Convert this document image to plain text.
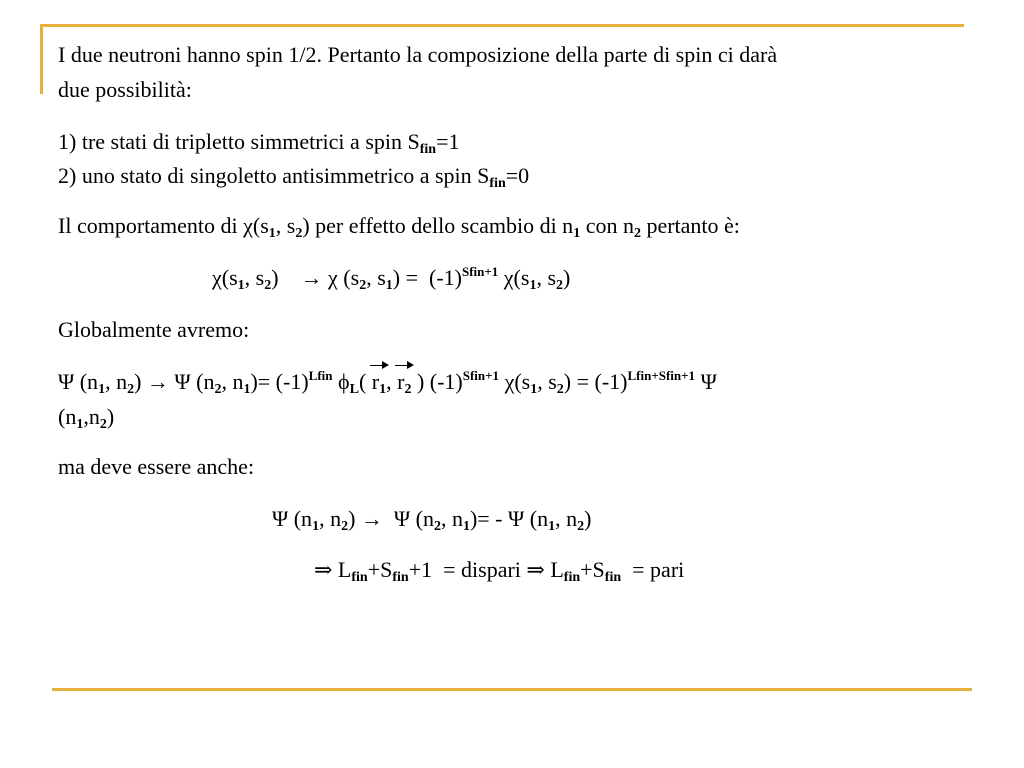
I due neutroni hanno spin 1/2. Pertanto la composizione della parte di spin ci darà
due possibilità:
1) tre stati di tripletto simmetrici a spin $S_{fin}=1$
2) uno stato di singoletto antisimmetrico a spin $S_{fin}=0$
Il comportamento di $\chi(s_1$, $s_2$) per effetto dello scambio di $n_1$ con $n_2$ pertanto è:
$\chi(s_1$, $s_2$)    → χ ($s_2$, $s_1) = (-1)^{Sfin+1}$ $\chi(s_1$, $s_2$)
Globalmente avremo:
Ψ ($n_1$, $n_2) \to \Psi$ ($n_2$, $n_1)= (-1)^{Lfin}$ $\phi_L$( $r_1$, $r_2$ ) $(-1)^{Sfin+1}$ $\chi(s_1$, $s_2) = (-1)^{Lfin+Sfin+1}$ Ψ
$(n_1,n_2)$
ma deve essere anche:
Ψ ($n_1$, $n_2) \to \Psi$ ($n_2$, $n_1)= - \Psi$ ($n_1$, $n_2$)
⇒ $L_{fin}+S_{fin}+1$  = dispari ⇒ $L_{fin}+S_{fin}$  = pari
